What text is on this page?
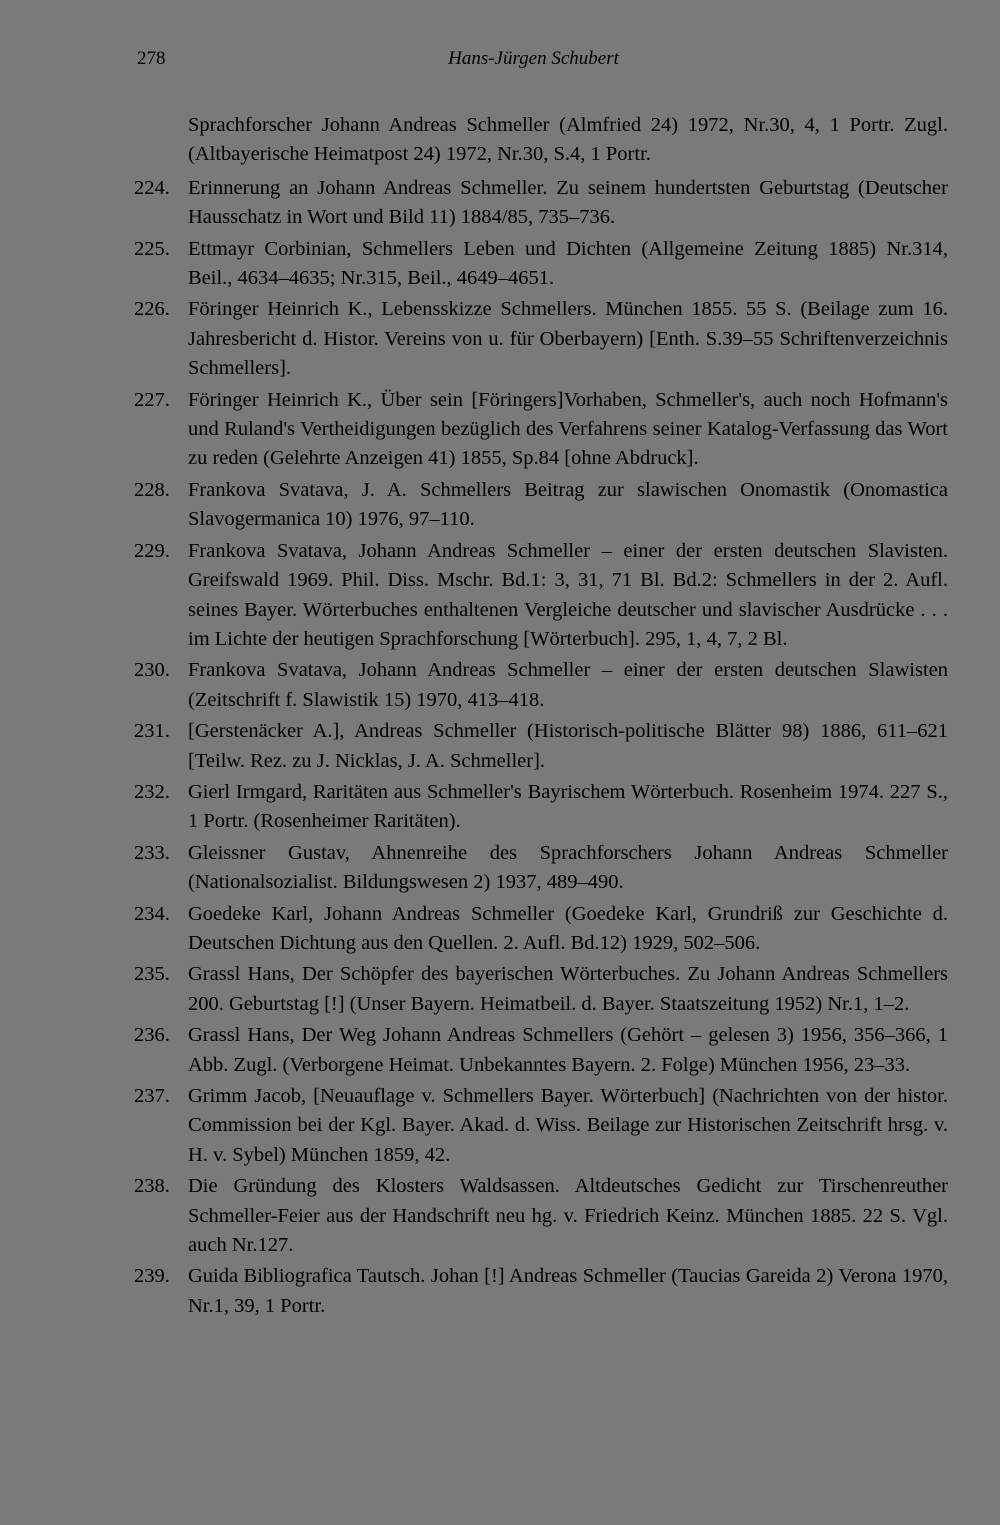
278	Hans-Jürgen Schubert
Sprachforscher Johann Andreas Schmeller (Almfried 24) 1972, Nr.30, 4, 1 Portr. Zugl. (Altbayerische Heimatpost 24) 1972, Nr.30, S.4, 1 Portr.
224. Erinnerung an Johann Andreas Schmeller. Zu seinem hundertsten Geburtstag (Deutscher Hausschatz in Wort und Bild 11) 1884/85, 735–736.
225. Ettmayr Corbinian, Schmellers Leben und Dichten (Allgemeine Zeitung 1885) Nr.314, Beil., 4634–4635; Nr.315, Beil., 4649–4651.
226. Föringer Heinrich K., Lebensskizze Schmellers. München 1855. 55 S. (Beilage zum 16. Jahresbericht d. Histor. Vereins von u. für Oberbayern) [Enth. S.39–55 Schriftenverzeichnis Schmellers].
227. Föringer Heinrich K., Über sein [Föringers]Vorhaben, Schmeller's, auch noch Hofmann's und Ruland's Vertheidigungen bezüglich des Verfahrens seiner Katalog-Verfassung das Wort zu reden (Gelehrte Anzeigen 41) 1855, Sp.84 [ohne Abdruck].
228. Frankova Svatava, J. A. Schmellers Beitrag zur slawischen Onomastik (Onomastica Slavogermanica 10) 1976, 97–110.
229. Frankova Svatava, Johann Andreas Schmeller – einer der ersten deutschen Slavisten. Greifswald 1969. Phil. Diss. Mschr. Bd.1: 3, 31, 71 Bl. Bd.2: Schmellers in der 2. Aufl. seines Bayer. Wörterbuches enthaltenen Vergleiche deutscher und slavischer Ausdrücke . . . im Lichte der heutigen Sprachforschung [Wörterbuch]. 295, 1, 4, 7, 2 Bl.
230. Frankova Svatava, Johann Andreas Schmeller – einer der ersten deutschen Slawisten (Zeitschrift f. Slawistik 15) 1970, 413–418.
231. [Gerstenäcker A.], Andreas Schmeller (Historisch-politische Blätter 98) 1886, 611–621 [Teilw. Rez. zu J. Nicklas, J. A. Schmeller].
232. Gierl Irmgard, Raritäten aus Schmeller's Bayrischem Wörterbuch. Rosenheim 1974. 227 S., 1 Portr. (Rosenheimer Raritäten).
233. Gleissner Gustav, Ahnenreihe des Sprachforschers Johann Andreas Schmeller (Nationalsozialist. Bildungswesen 2) 1937, 489–490.
234. Goedeke Karl, Johann Andreas Schmeller (Goedeke Karl, Grundriß zur Geschichte d. Deutschen Dichtung aus den Quellen. 2. Aufl. Bd.12) 1929, 502–506.
235. Grassl Hans, Der Schöpfer des bayerischen Wörterbuches. Zu Johann Andreas Schmellers 200. Geburtstag [!] (Unser Bayern. Heimatbeil. d. Bayer. Staatszeitung 1952) Nr.1, 1–2.
236. Grassl Hans, Der Weg Johann Andreas Schmellers (Gehört – gelesen 3) 1956, 356–366, 1 Abb. Zugl. (Verborgene Heimat. Unbekanntes Bayern. 2. Folge) München 1956, 23–33.
237. Grimm Jacob, [Neuauflage v. Schmellers Bayer. Wörterbuch] (Nachrichten von der histor. Commission bei der Kgl. Bayer. Akad. d. Wiss. Beilage zur Historischen Zeitschrift hrsg. v. H. v. Sybel) München 1859, 42.
238. Die Gründung des Klosters Waldsassen. Altdeutsches Gedicht zur Tirschenreuther Schmeller-Feier aus der Handschrift neu hg. v. Friedrich Keinz. München 1885. 22 S. Vgl. auch Nr.127.
239. Guida Bibliografica Tautsch. Johan [!] Andreas Schmeller (Taucias Gareida 2) Verona 1970, Nr.1, 39, 1 Portr.
